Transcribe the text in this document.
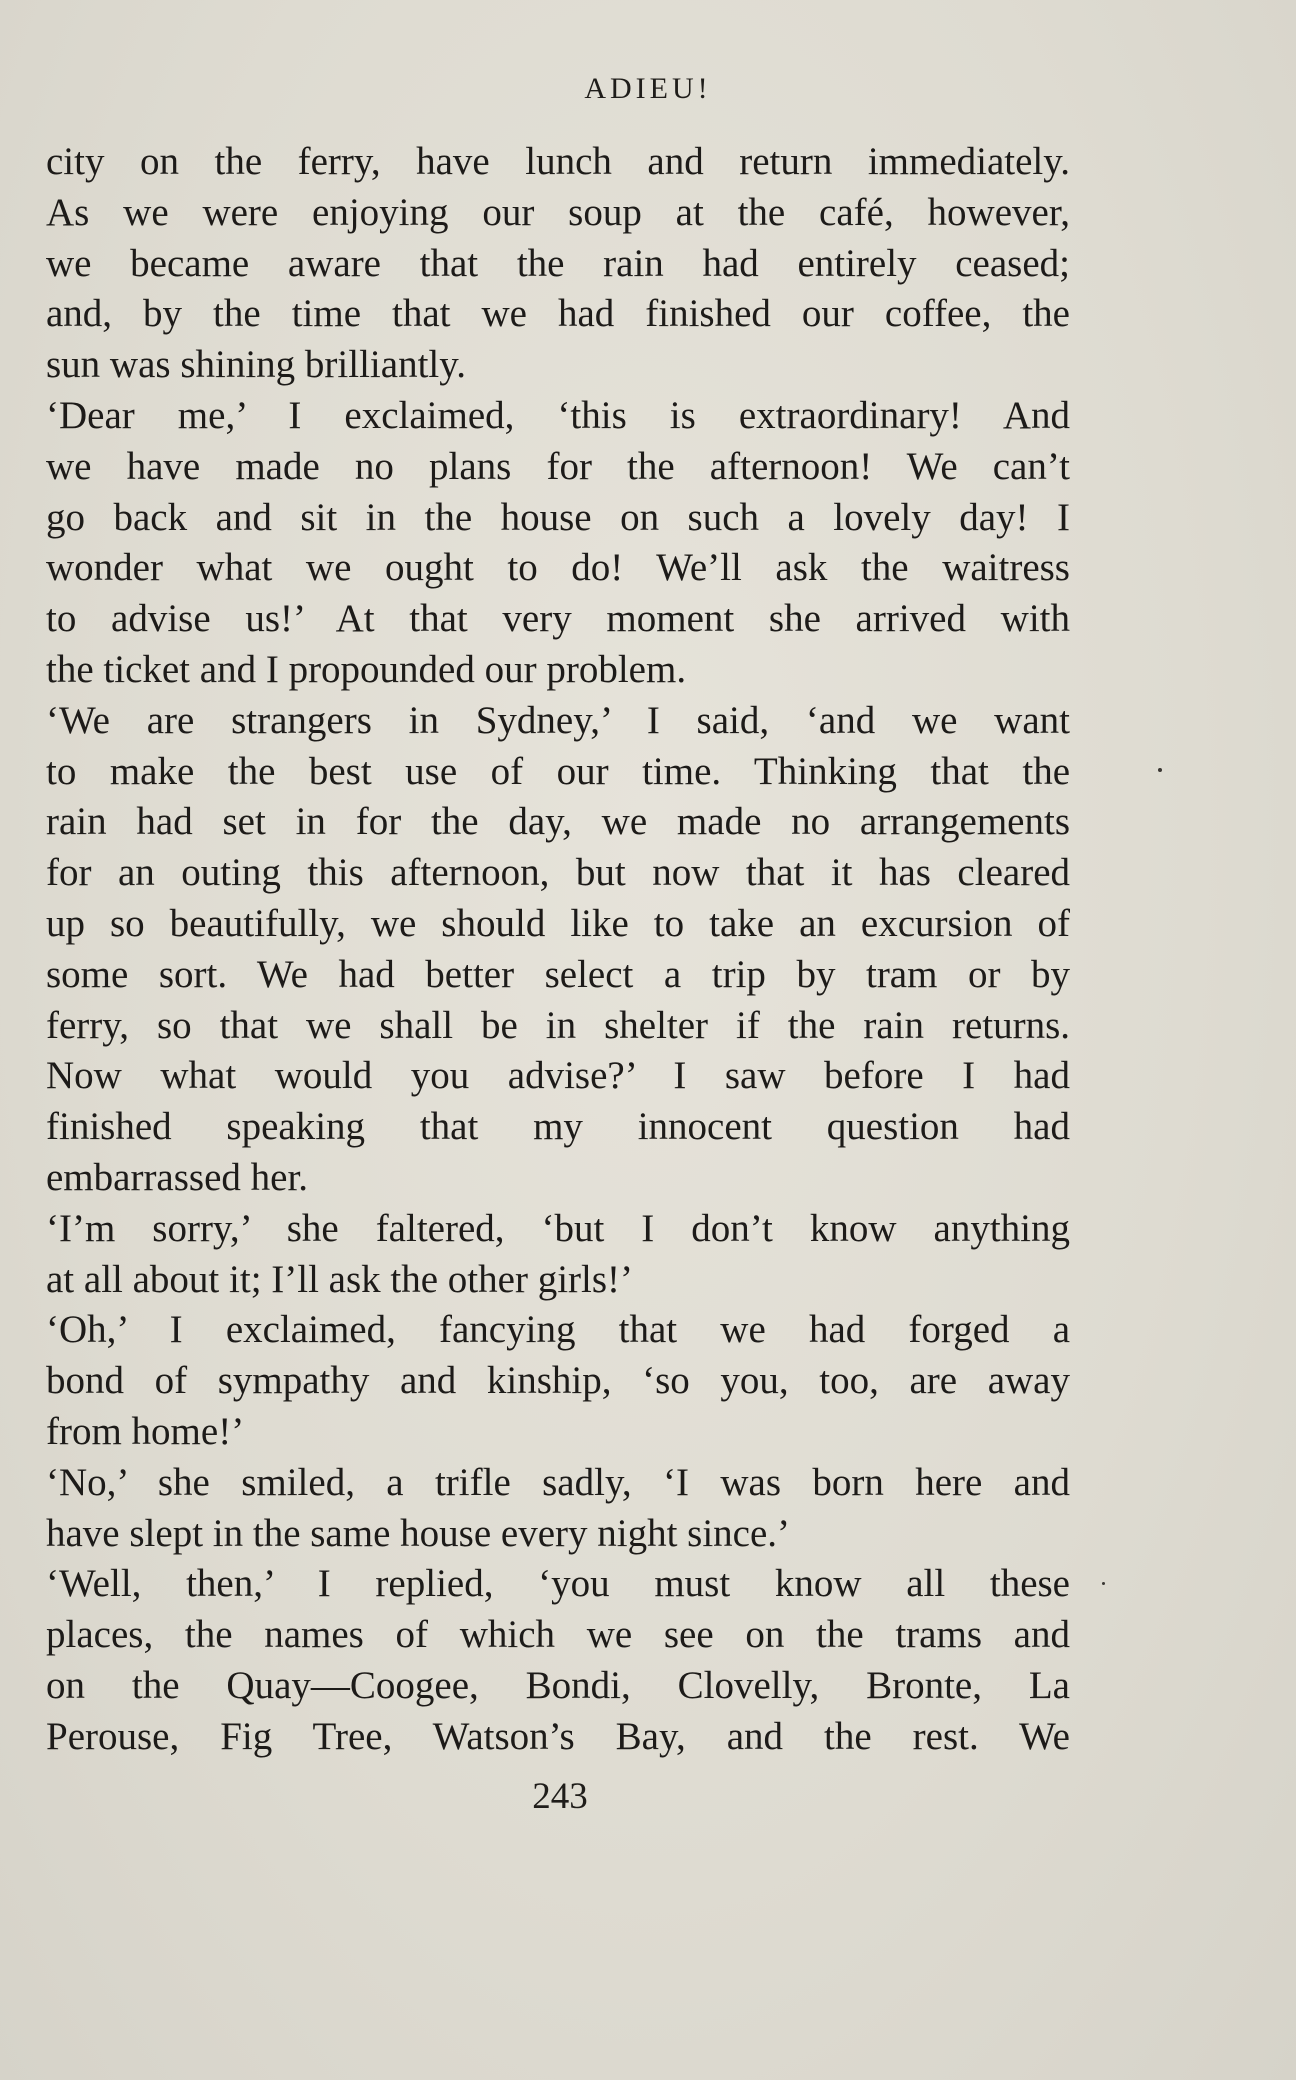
ADIEU!
city on the ferry, have lunch and return immediately.
As we were enjoying our soup at the café, however,
we became aware that the rain had entirely ceased;
and, by the time that we had finished our coffee, the
sun was shining brilliantly.
‘Dear me,’ I exclaimed, ‘this is extraordinary! And
we have made no plans for the afternoon! We can’t
go back and sit in the house on such a lovely day! I
wonder what we ought to do! We’ll ask the waitress
to advise us!’ At that very moment she arrived with
the ticket and I propounded our problem.
‘We are strangers in Sydney,’ I said, ‘and we want
to make the best use of our time. Thinking that the
rain had set in for the day, we made no arrangements
for an outing this afternoon, but now that it has cleared
up so beautifully, we should like to take an excursion of
some sort. We had better select a trip by tram or by
ferry, so that we shall be in shelter if the rain returns.
Now what would you advise?’ I saw before I had
finished speaking that my innocent question had
embarrassed her.
‘I’m sorry,’ she faltered, ‘but I don’t know anything
at all about it; I’ll ask the other girls!’
‘Oh,’ I exclaimed, fancying that we had forged a
bond of sympathy and kinship, ‘so you, too, are away
from home!’
‘No,’ she smiled, a trifle sadly, ‘I was born here and
have slept in the same house every night since.’
‘Well, then,’ I replied, ‘you must know all these
places, the names of which we see on the trams and
on the Quay—Coogee, Bondi, Clovelly, Bronte, La
Perouse, Fig Tree, Watson’s Bay, and the rest. We
243
